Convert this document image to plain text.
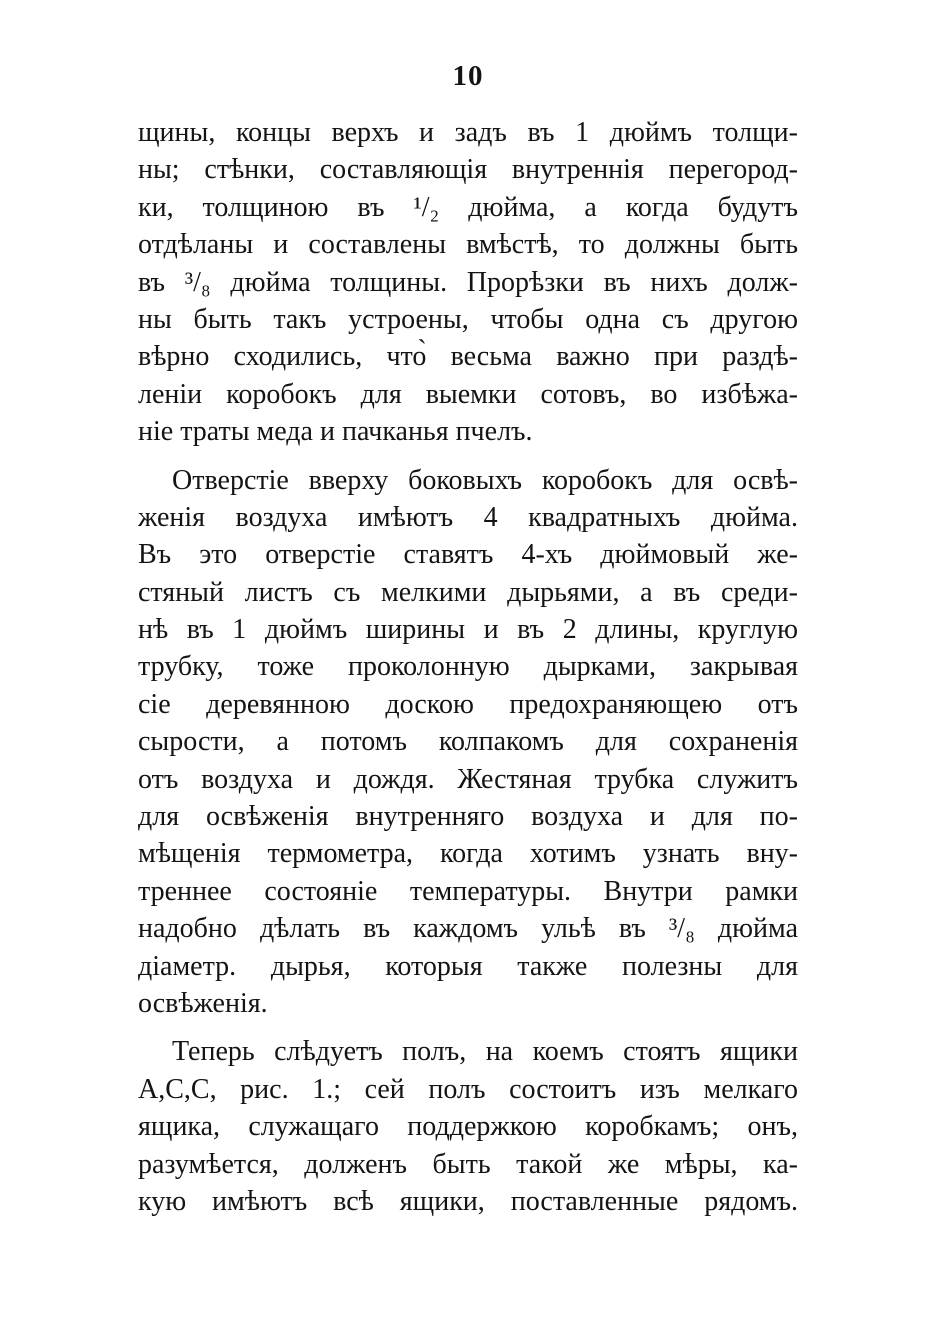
10
щины, концы верхъ и задъ въ 1 дюймъ толщи-
ны; стѣнки, составляющія внутреннія перегород-
ки, толщиною въ ¹/₂ дюйма, а когда будутъ
отдѣланы и составлены вмѣстѣ, то должны быть
въ ³/₈ дюйма толщины. Прорѣзки въ нихъ долж-
ны быть такъ устроены, чтобы одна съ другою
вѣрно сходились, что̀ весьма важно при раздѣ-
леніи коробокъ для выемки сотовъ, во избѣжа-
ніе траты меда и пачканья пчелъ.
Отверстіе вверху боковыхъ коробокъ для освѣ-
женія воздуха имѣютъ 4 квадратныхъ дюйма.
Въ это отверстіе ставятъ 4-хъ дюймовый же-
стяный листъ съ мелкими дырьями, а въ среди-
нѣ въ 1 дюймъ ширины и въ 2 длины, круглую
трубку, тоже проколонную дырками, закрывая
сіе деревянною доскою предохраняющею отъ
сырости, а потомъ колпакомъ для сохраненія
отъ воздуха и дождя. Жестяная трубка служитъ
для освѣженія внутренняго воздуха и для по-
мѣщенія термометра, когда хотимъ узнать вну-
треннее состояніе температуры. Внутри рамки
надобно дѣлать въ каждомъ ульѣ въ ³/₈ дюйма
діаметр. дырья, которыя также полезны для
освѣженія.
Теперь слѣдуетъ полъ, на коемъ стоятъ ящики
А,С,С, рис. 1.; сей полъ состоитъ изъ мелкаго
ящика, служащаго поддержкою коробкамъ; онъ,
разумѣется, долженъ быть такой же мѣры, ка-
кую имѣютъ всѣ ящики, поставленные рядомъ.
